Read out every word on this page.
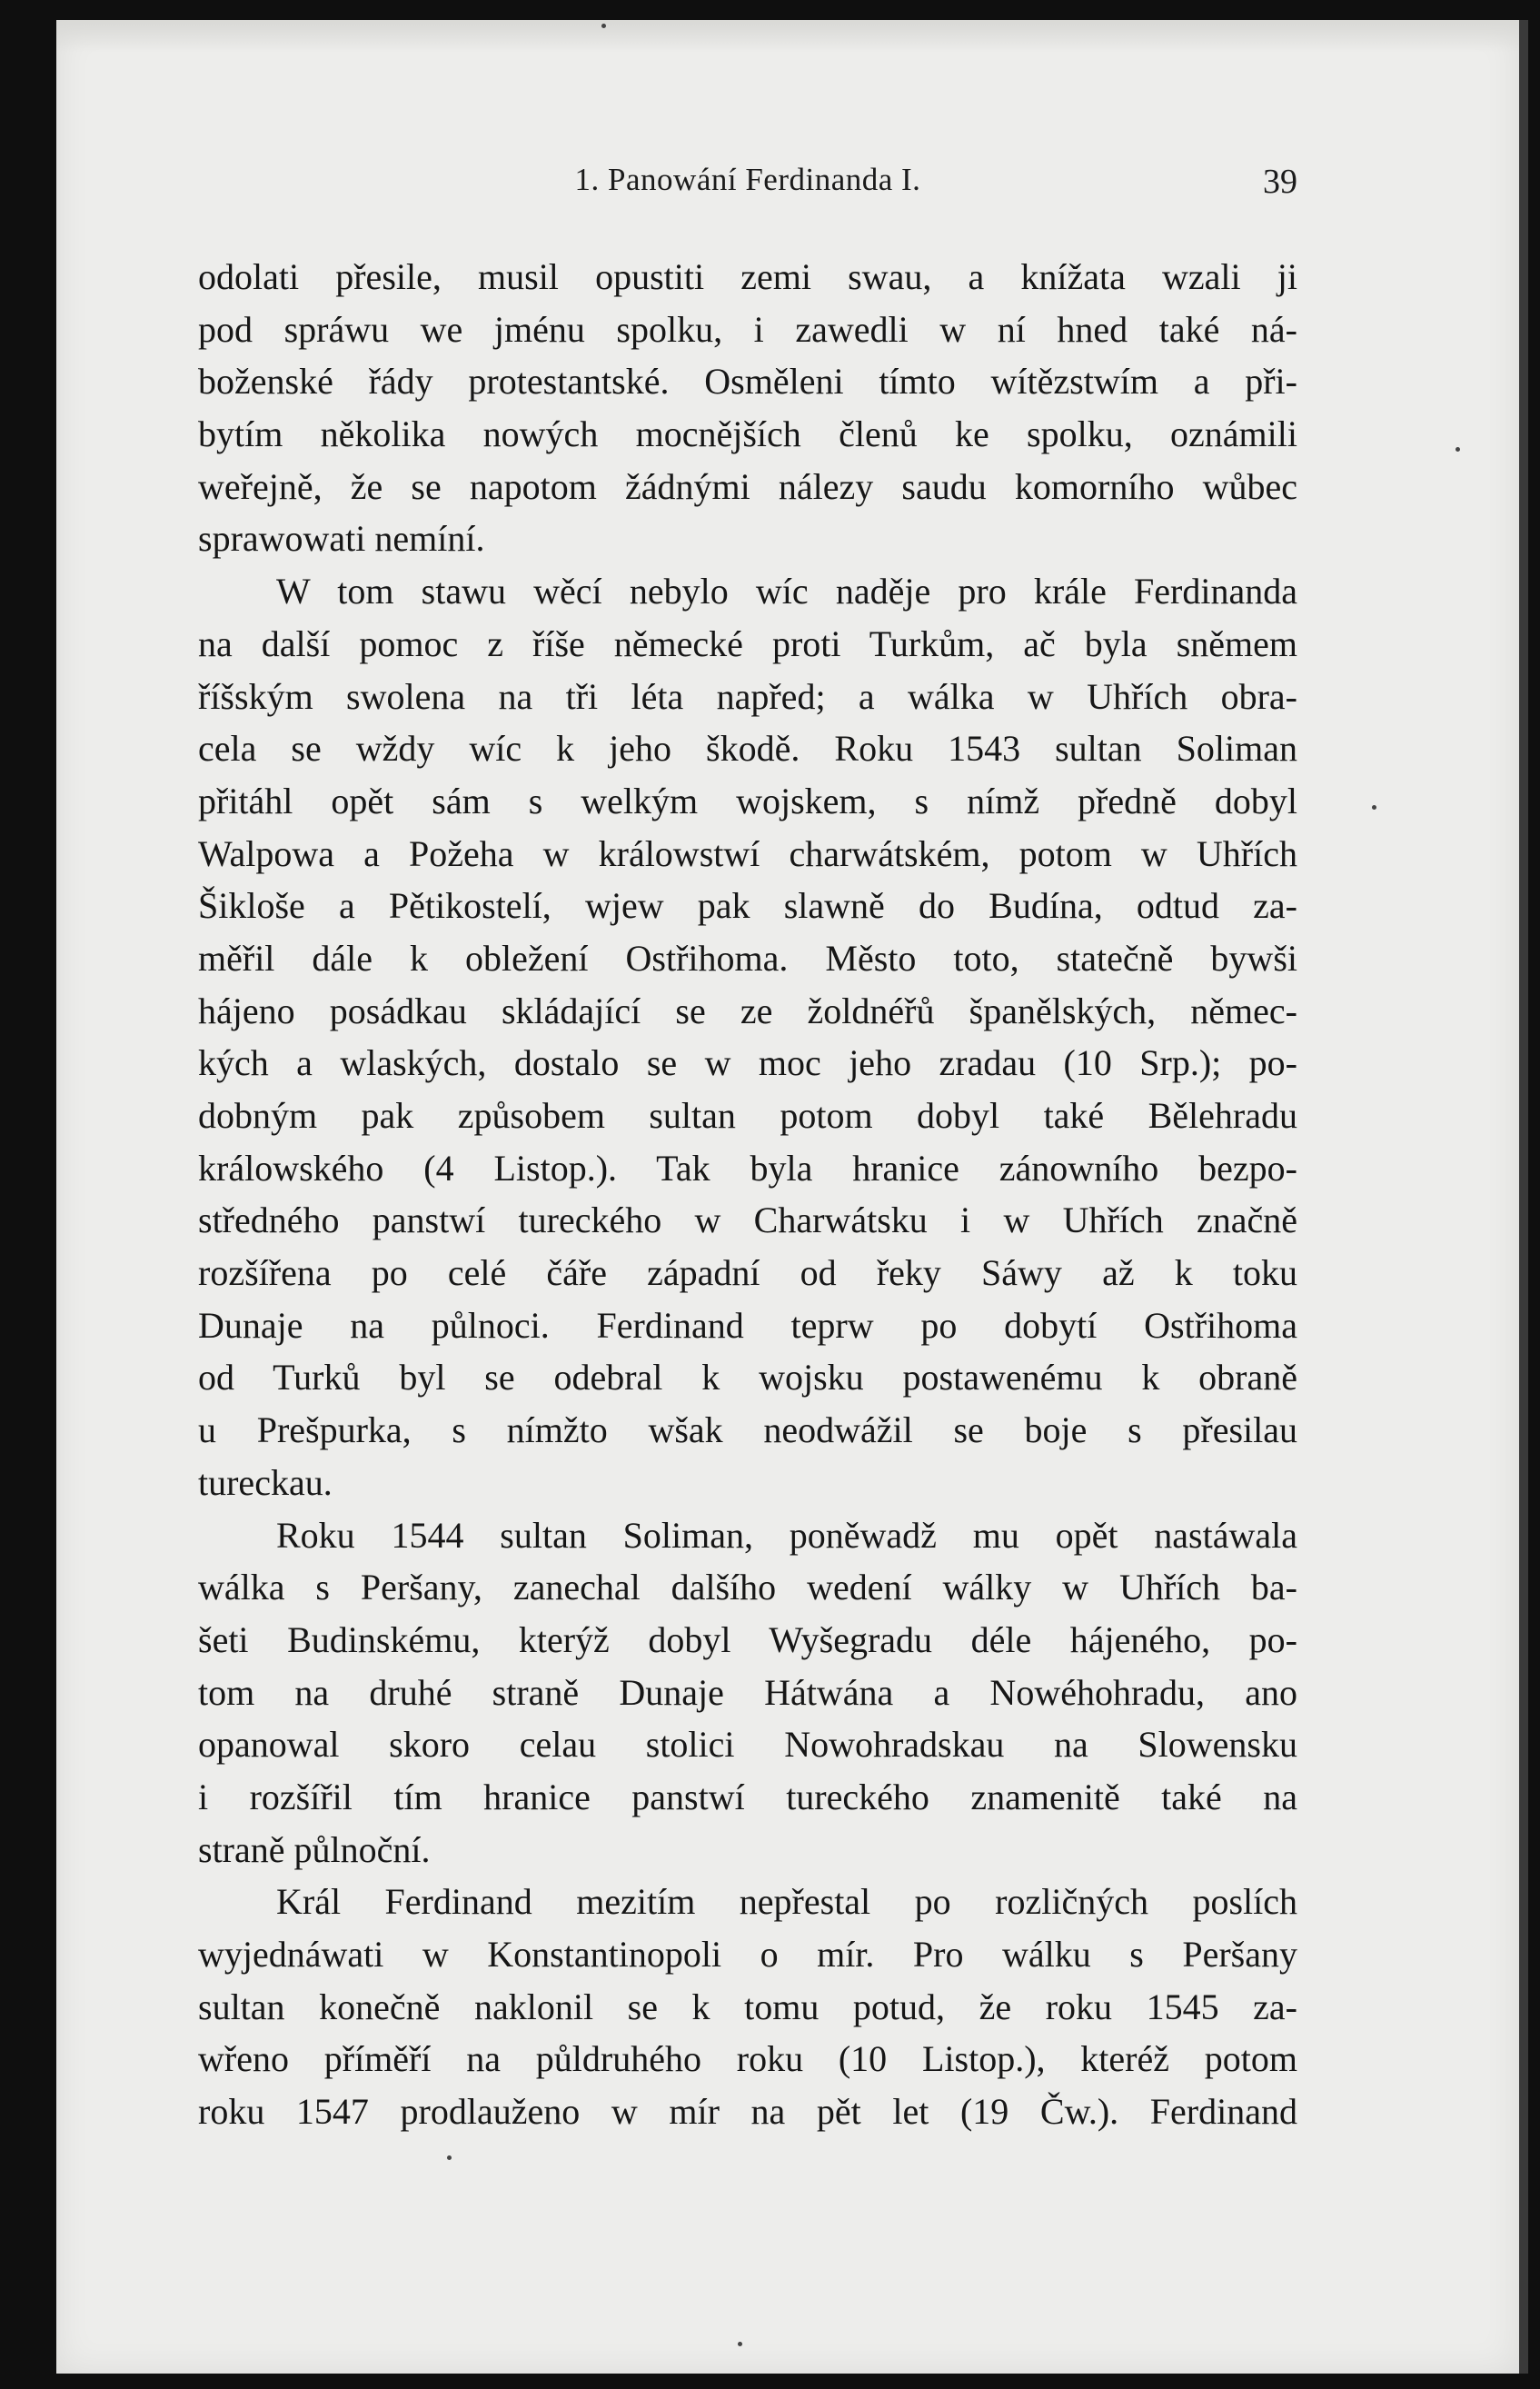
1. Panowání Ferdinanda I.	39
odolati přesile, musil opustiti zemi swau, a knížata wzali ji
pod spráwu we jménu spolku, i zawedli w ní hned také ná-
boženské řády protestantské. Osměleni tímto wítězstwím a při-
bytím několika nowých mocnějších členů ke spolku, oznámili
weřejně, že se napotom žádnými nálezy saudu komorního wůbec
sprawowati nemíní.
W tom stawu wěcí nebylo wíc naděje pro krále Ferdinanda
na další pomoc z říše německé proti Turkům, ač byla sněmem
říšským swolena na tři léta napřed; a wálka w Uhřích obra-
cela se wždy wíc k jeho škodě. Roku 1543 sultan Soliman
přitáhl opět sám s welkým wojskem, s nímž předně dobyl
Walpowa a Požeha w králowstwí charwátském, potom w Uhřích
Šikloše a Pětikostelí, wjew pak slawně do Budína, odtud za-
měřil dále k obležení Ostřihoma. Město toto, statečně bywši
hájeno posádkau skládající se ze žoldnéřů španělských, němec-
kých a wlaských, dostalo se w moc jeho zradau (10 Srp.); po-
dobným pak způsobem sultan potom dobyl také Bělehradu
králowského (4 Listop.). Tak byla hranice zánowního bezpo-
středného panstwí tureckého w Charwátsku i w Uhřích značně
rozšířena po celé čáře západní od řeky Sáwy až k toku
Dunaje na půlnoci. Ferdinand teprw po dobytí Ostřihoma
od Turků byl se odebral k wojsku postawenému k obraně
u Prešpurka, s nímžto wšak neodwážil se boje s přesilau
tureckau.
Roku 1544 sultan Soliman, poněwadž mu opět nastáwala
wálka s Peršany, zanechal dalšího wedení wálky w Uhřích ba-
šeti Budinskému, kterýž dobyl Wyšegradu déle hájeného, po-
tom na druhé straně Dunaje Hátwána a Nowéhohradu, ano
opanowal skoro celau stolici Nowohradskau na Slowensku
i rozšířil tím hranice panstwí tureckého znamenitě také na
straně půlnoční.
Král Ferdinand mezitím nepřestal po rozličných poslích
wyjednáwati w Konstantinopoli o mír. Pro wálku s Peršany
sultan konečně naklonil se k tomu potud, že roku 1545 za-
wřeno příměří na půldruhého roku (10 Listop.), kteréž potom
roku 1547 prodlauženo w mír na pět let (19 Čw.). Ferdinand
